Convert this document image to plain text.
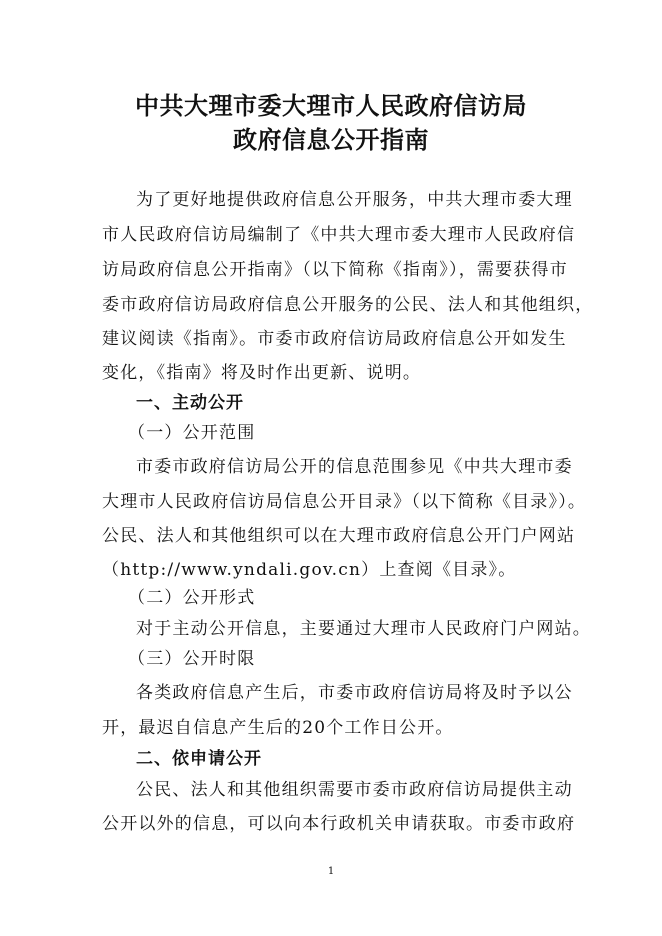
中共大理市委大理市人民政府信访局
政府信息公开指南
为了更好地提供政府信息公开服务，中共大理市委大理
市人民政府信访局编制了《中共大理市委大理市人民政府信
访局政府信息公开指南》（以下简称《指南》），需要获得市
委市政府信访局政府信息公开服务的公民、法人和其他组织，
建议阅读《指南》。市委市政府信访局政府信息公开如发生
变化，《指南》将及时作出更新、说明。
一、主动公开
（一）公开范围
市委市政府信访局公开的信息范围参见《中共大理市委
大理市人民政府信访局信息公开目录》（以下简称《目录》）。
公民、法人和其他组织可以在大理市政府信息公开门户网站
（http://www.yndali.gov.cn）上查阅《目录》。
（二）公开形式
对于主动公开信息，主要通过大理市人民政府门户网站。
（三）公开时限
各类政府信息产生后，市委市政府信访局将及时予以公
开，最迟自信息产生后的20个工作日公开。
二、依申请公开
公民、法人和其他组织需要市委市政府信访局提供主动
公开以外的信息，可以向本行政机关申请获取。市委市政府
1
